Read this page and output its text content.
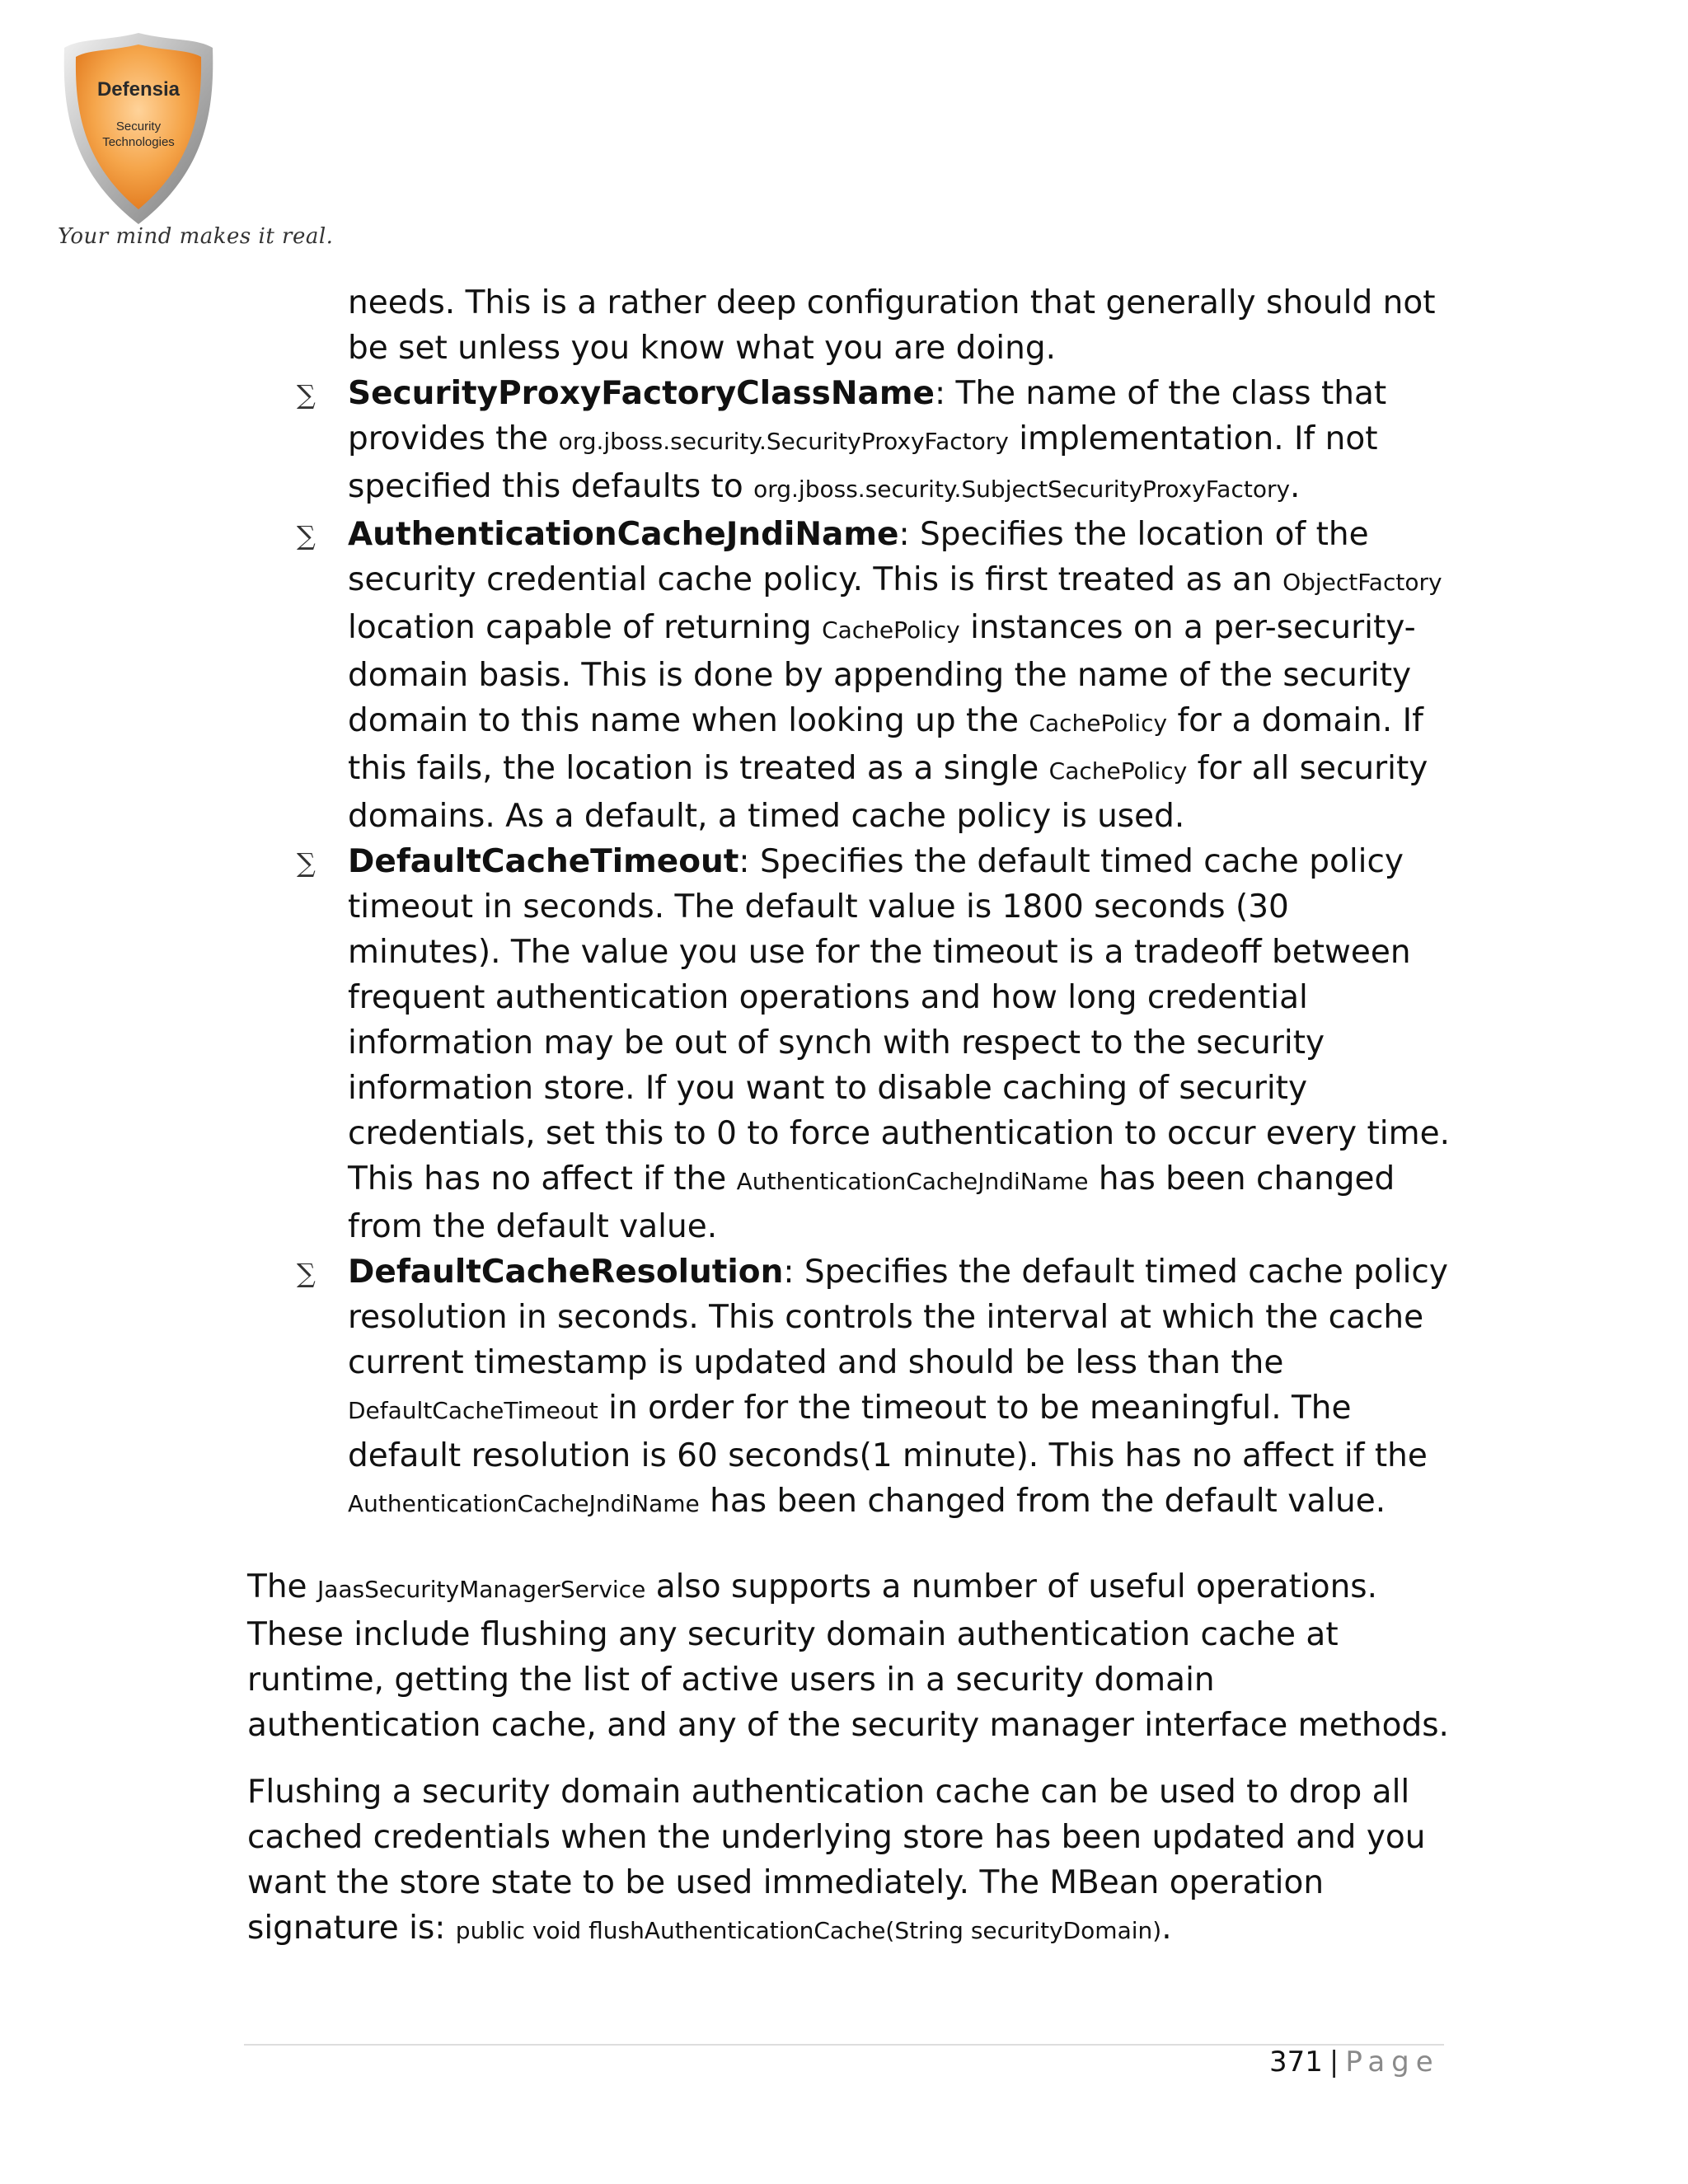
Defensia
Security
Technologies
Your mind makes it real.
needs. This is a rather deep configuration that generally should not be set unless you know what you are doing.
∑ SecurityProxyFactoryClassName: The name of the class that provides the org.jboss.security.SecurityProxyFactory implementation. If not specified this defaults to org.jboss.security.SubjectSecurityProxyFactory.
∑ AuthenticationCacheJndiName: Specifies the location of the security credential cache policy. This is first treated as an ObjectFactory location capable of returning CachePolicy instances on a per-security-domain basis. This is done by appending the name of the security domain to this name when looking up the CachePolicy for a domain. If this fails, the location is treated as a single CachePolicy for all security domains. As a default, a timed cache policy is used.
∑ DefaultCacheTimeout: Specifies the default timed cache policy timeout in seconds. The default value is 1800 seconds (30 minutes). The value you use for the timeout is a tradeoff between frequent authentication operations and how long credential information may be out of synch with respect to the security information store. If you want to disable caching of security credentials, set this to 0 to force authentication to occur every time. This has no affect if the AuthenticationCacheJndiName has been changed from the default value.
∑ DefaultCacheResolution: Specifies the default timed cache policy resolution in seconds. This controls the interval at which the cache current timestamp is updated and should be less than the DefaultCacheTimeout in order for the timeout to be meaningful. The default resolution is 60 seconds(1 minute). This has no affect if the AuthenticationCacheJndiName has been changed from the default value.

The JaasSecurityManagerService also supports a number of useful operations. These include flushing any security domain authentication cache at runtime, getting the list of active users in a security domain authentication cache, and any of the security manager interface methods.

Flushing a security domain authentication cache can be used to drop all cached credentials when the underlying store has been updated and you want the store state to be used immediately. The MBean operation signature is: public void flushAuthenticationCache(String securityDomain).

371 | Page
